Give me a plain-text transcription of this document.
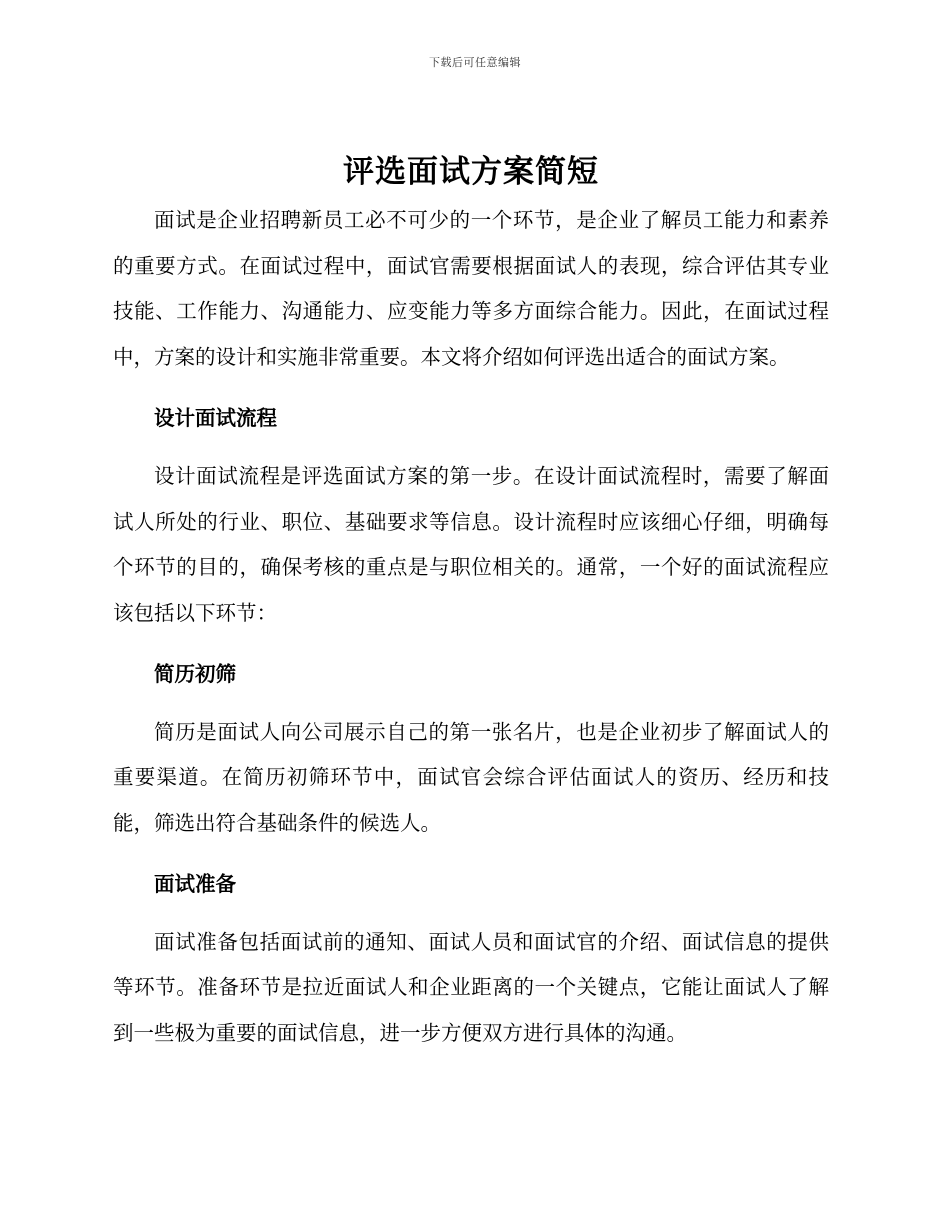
下载后可任意编辑
评选面试方案简短

面试是企业招聘新员工必不可少的一个环节，是企业了解员工能力和素养的重要方式。在面试过程中，面试官需要根据面试人的表现，综合评估其专业技能、工作能力、沟通能力、应变能力等多方面综合能力。因此，在面试过程中，方案的设计和实施非常重要。本文将介绍如何评选出适合的面试方案。

设计面试流程

设计面试流程是评选面试方案的第一步。在设计面试流程时，需要了解面试人所处的行业、职位、基础要求等信息。设计流程时应该细心仔细，明确每个环节的目的，确保考核的重点是与职位相关的。通常，一个好的面试流程应该包括以下环节：

简历初筛

简历是面试人向公司展示自己的第一张名片，也是企业初步了解面试人的重要渠道。在简历初筛环节中，面试官会综合评估面试人的资历、经历和技能，筛选出符合基础条件的候选人。

面试准备

面试准备包括面试前的通知、面试人员和面试官的介绍、面试信息的提供等环节。准备环节是拉近面试人和企业距离的一个关键点，它能让面试人了解到一些极为重要的面试信息，进一步方便双方进行具体的沟通。
